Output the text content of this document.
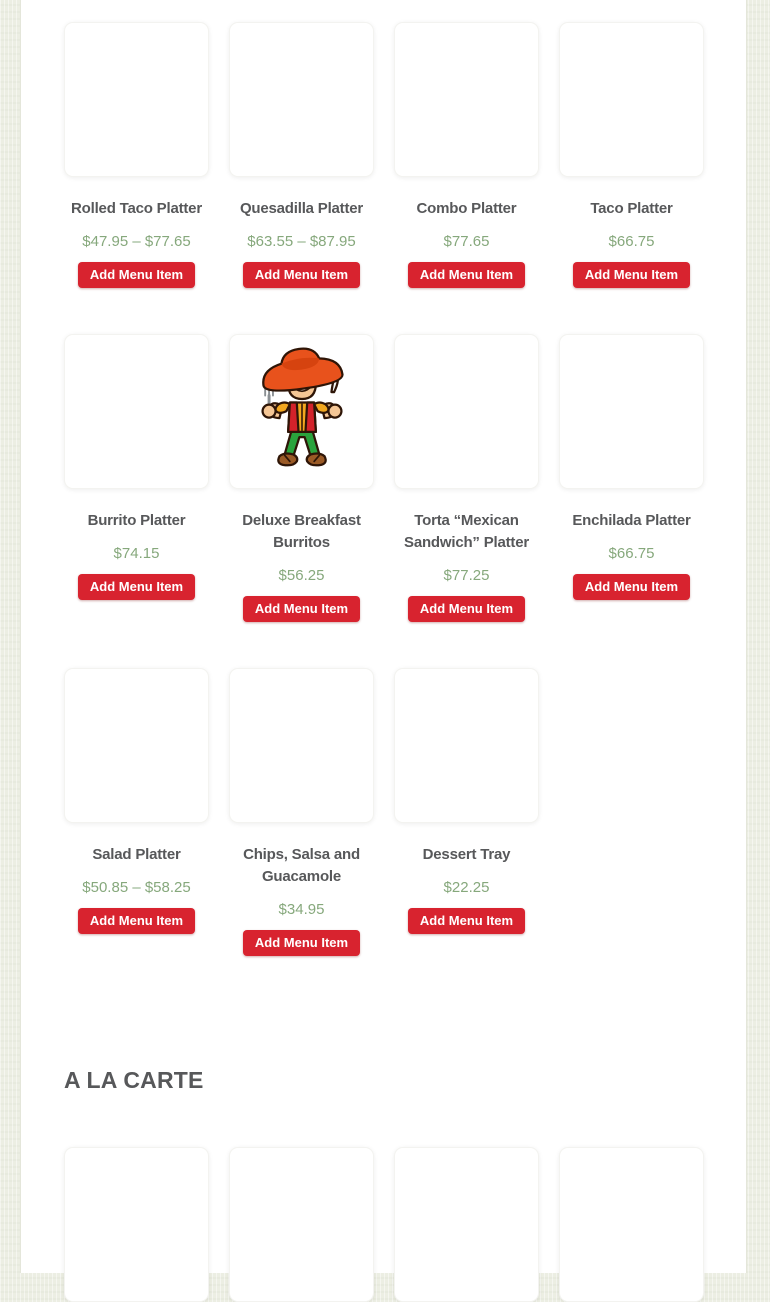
Rolled Taco Platter
$47.95 – $77.65
Add Menu Item
Quesadilla Platter
$63.55 – $87.95
Add Menu Item
Combo Platter
$77.65
Add Menu Item
Taco Platter
$66.75
Add Menu Item
Burrito Platter
$74.15
Add Menu Item
Deluxe Breakfast Burritos
$56.25
Add Menu Item
Torta “Mexican Sandwich” Platter
$77.25
Add Menu Item
Enchilada Platter
$66.75
Add Menu Item
Salad Platter
$50.85 – $58.25
Add Menu Item
Chips, Salsa and Guacamole
$34.95
Add Menu Item
Dessert Tray
$22.25
Add Menu Item
A LA CARTE
